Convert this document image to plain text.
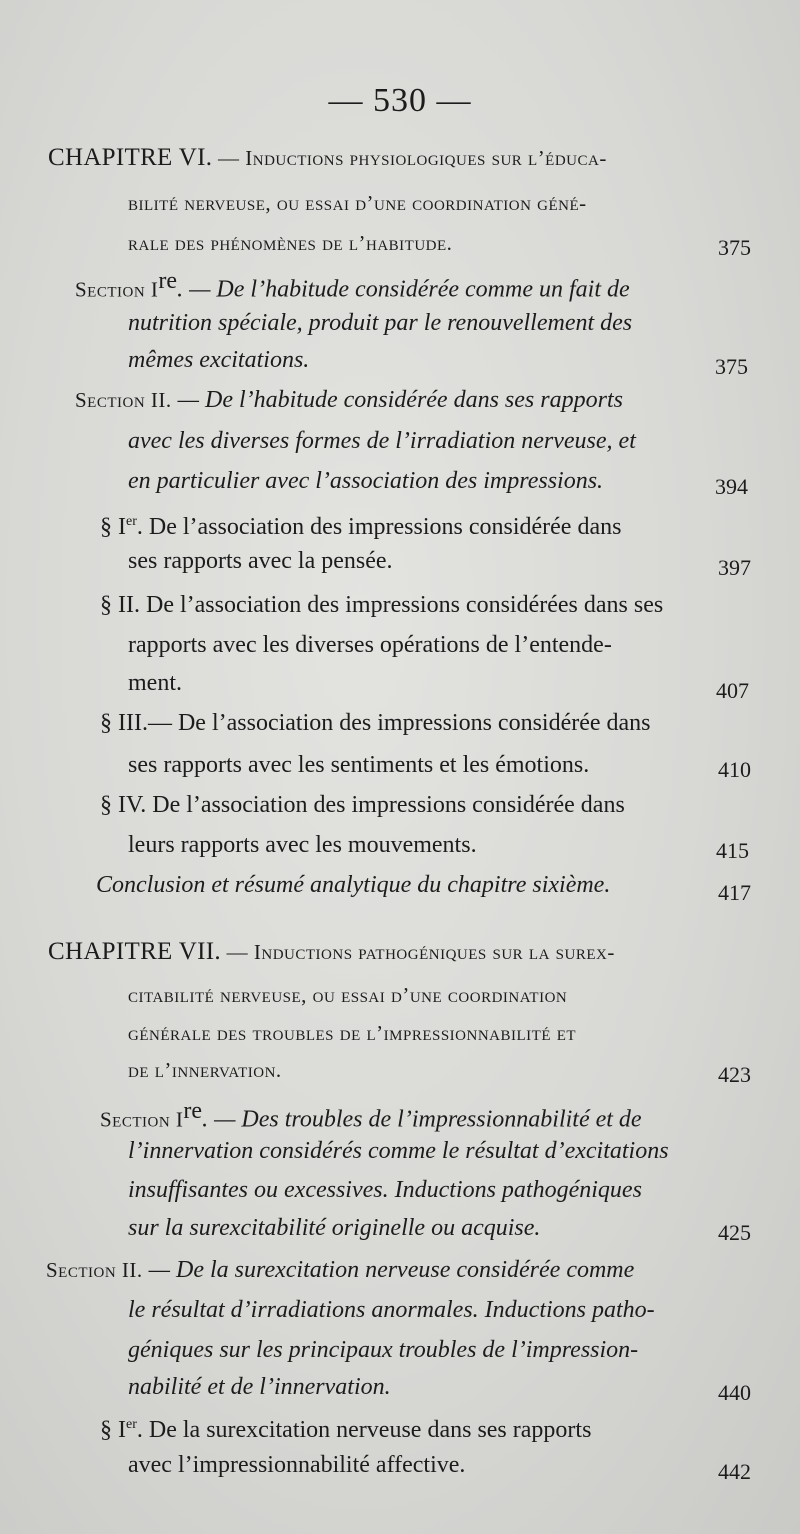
— 530 —
CHAPITRE VI. — Inductions physiologiques sur l’éduca-
bilité nerveuse, ou essai d’une coordination géné-
rale des phénomènes de l’habitude.	375
Section Ire. — De l’habitude considérée comme un fait de
nutrition spéciale, produit par le renouvellement des
mêmes excitations.	375
Section II. — De l’habitude considérée dans ses rapports
avec les diverses formes de l’irradiation nerveuse, et
en particulier avec l’association des impressions.	394
§ Ier. De l’association des impressions considérée dans
ses rapports avec la pensée.	397
§ II. De l’association des impressions considérées dans ses
rapports avec les diverses opérations de l’entende-
ment.	407
§ III.— De l’association des impressions considérée dans
ses rapports avec les sentiments et les émotions.	410
§ IV. De l’association des impressions considérée dans
leurs rapports avec les mouvements.	415
Conclusion et résumé analytique du chapitre sixième.	417
CHAPITRE VII. — Inductions pathogéniques sur la surex-
citabilité nerveuse, ou essai d’une coordination
générale des troubles de l’impressionnabilité et
de l’innervation.	423
Section Ire. — Des troubles de l’impressionnabilité et de
l’innervation considérés comme le résultat d’excitations
insuffisantes ou excessives. Inductions pathogéniques
sur la surexcitabilité originelle ou acquise.	425
Section II. — De la surexcitation nerveuse considérée comme
le résultat d’irradiations anormales. Inductions patho-
géniques sur les principaux troubles de l’impression-
nabilité et de l’innervation.	440
§ Ier. De la surexcitation nerveuse dans ses rapports
avec l’impressionnabilité affective.	442
